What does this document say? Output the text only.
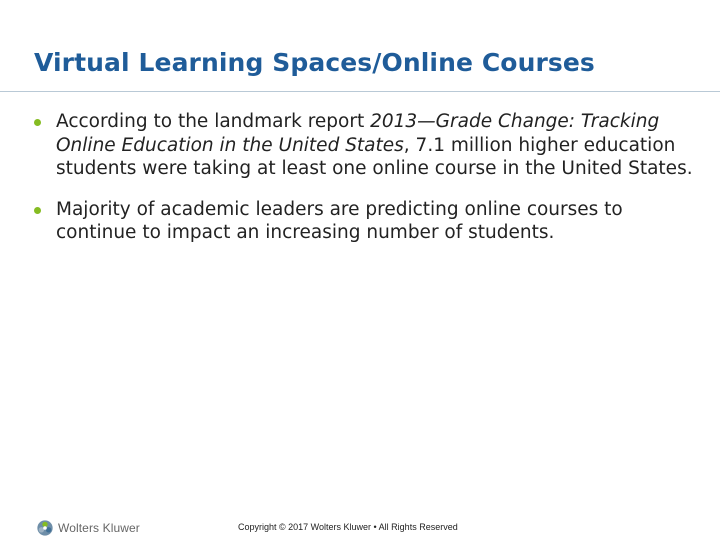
Virtual Learning Spaces/Online Courses
According to the landmark report 2013—Grade Change: Tracking Online Education in the United States, 7.1 million higher education students were taking at least one online course in the United States.
Majority of academic leaders are predicting online courses to continue to impact an increasing number of students.
Wolters Kluwer	Copyright © 2017 Wolters Kluwer • All Rights Reserved
